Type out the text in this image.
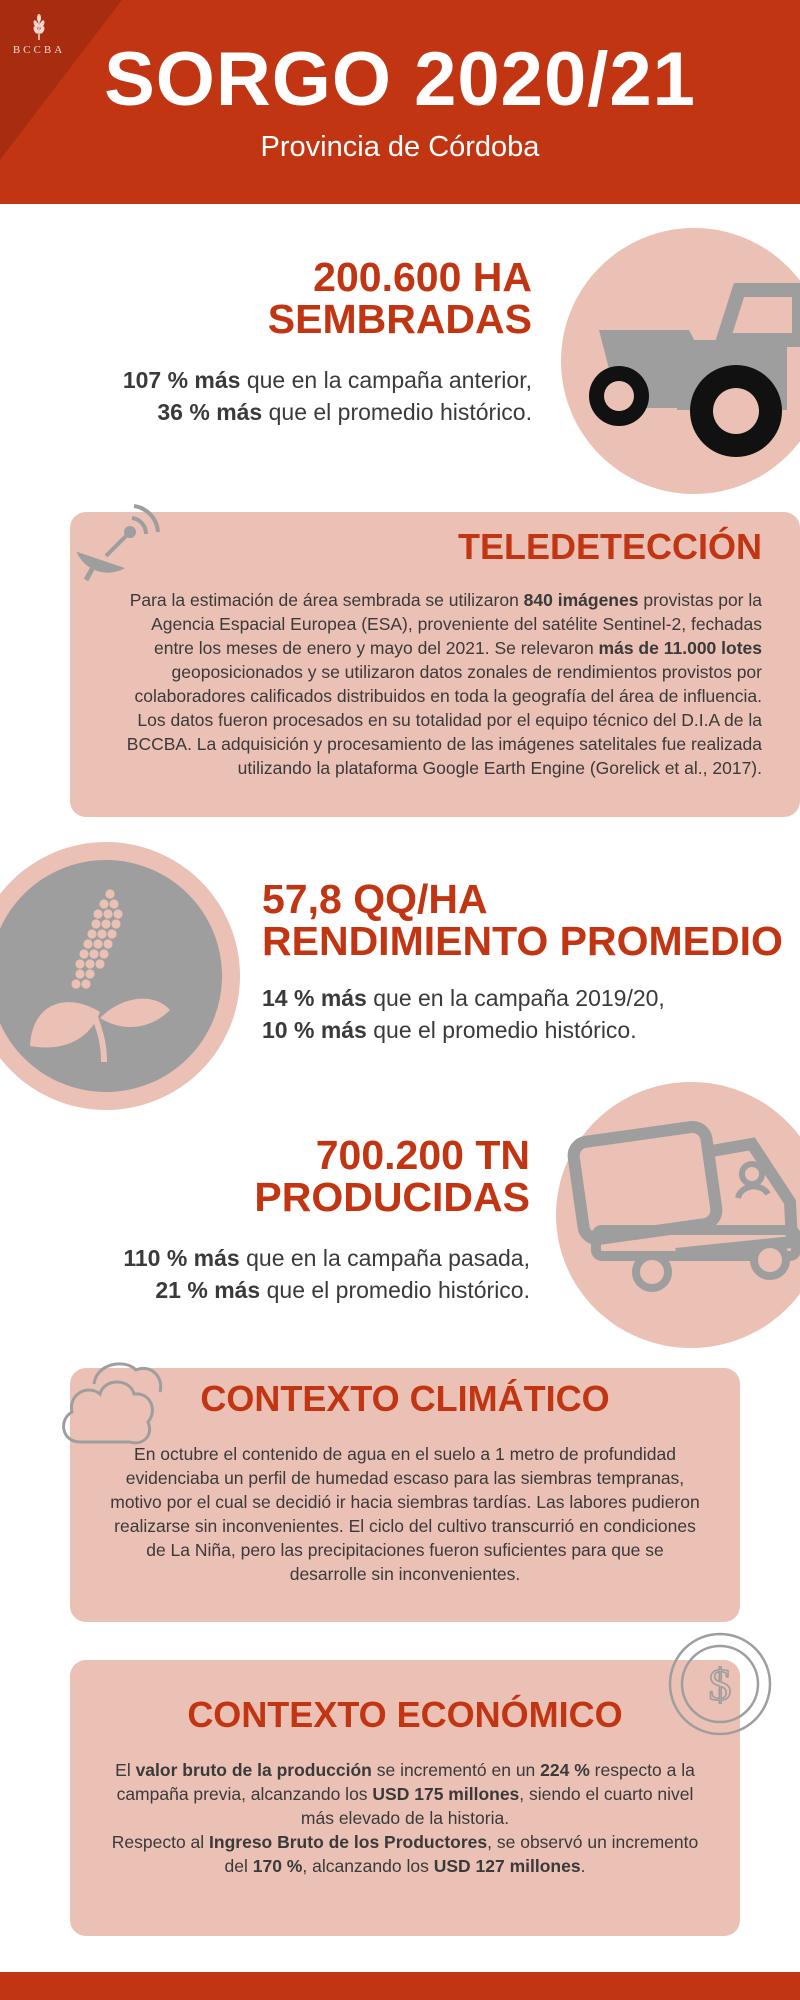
BCCBA SORGO 2020/21
Provincia de Córdoba
200.600 HA
SEMBRADAS
107 % más que en la campaña anterior,
36 % más que el promedio histórico.
TELEDETECCIÓN

Para la estimación de área sembrada se utilizaron 840 imágenes provistas por la Agencia Espacial Europea (ESA), proveniente del satélite Sentinel-2, fechadas entre los meses de enero y mayo del 2021. Se relevaron más de 11.000 lotes geoposicionados y se utilizaron datos zonales de rendimientos provistos por colaboradores calificados distribuidos en toda la geografía del área de influencia. Los datos fueron procesados en su totalidad por el equipo técnico del D.I.A de la BCCBA. La adquisición y procesamiento de las imágenes satelitales fue realizada utilizando la plataforma Google Earth Engine (Gorelick et al., 2017).

57,8 QQ/HA
RENDIMIENTO PROMEDIO
14 % más que en la campaña 2019/20,
10 % más que el promedio histórico.
700.200 TN
PRODUCIDAS
110 % más que en la campaña pasada,
21 % más que el promedio histórico.
CONTEXTO CLIMÁTICO

En octubre el contenido de agua en el suelo a 1 metro de profundidad evidenciaba un perfil de humedad escaso para las siembras tempranas, motivo por el cual se decidió ir hacia siembras tardías. Las labores pudieron realizarse sin inconvenientes. El ciclo del cultivo transcurrió en condiciones de La Niña, pero las precipitaciones fueron suficientes para que se desarrolle sin inconvenientes.

CONTEXTO ECONÓMICO

El valor bruto de la producción se incrementó en un 224 % respecto a la campaña previa, alcanzando los USD 175 millones, siendo el cuarto nivel más elevado de la historia.
Respecto al Ingreso Bruto de los Productores, se observó un incremento del 170 %, alcanzando los USD 127 millones.

$
